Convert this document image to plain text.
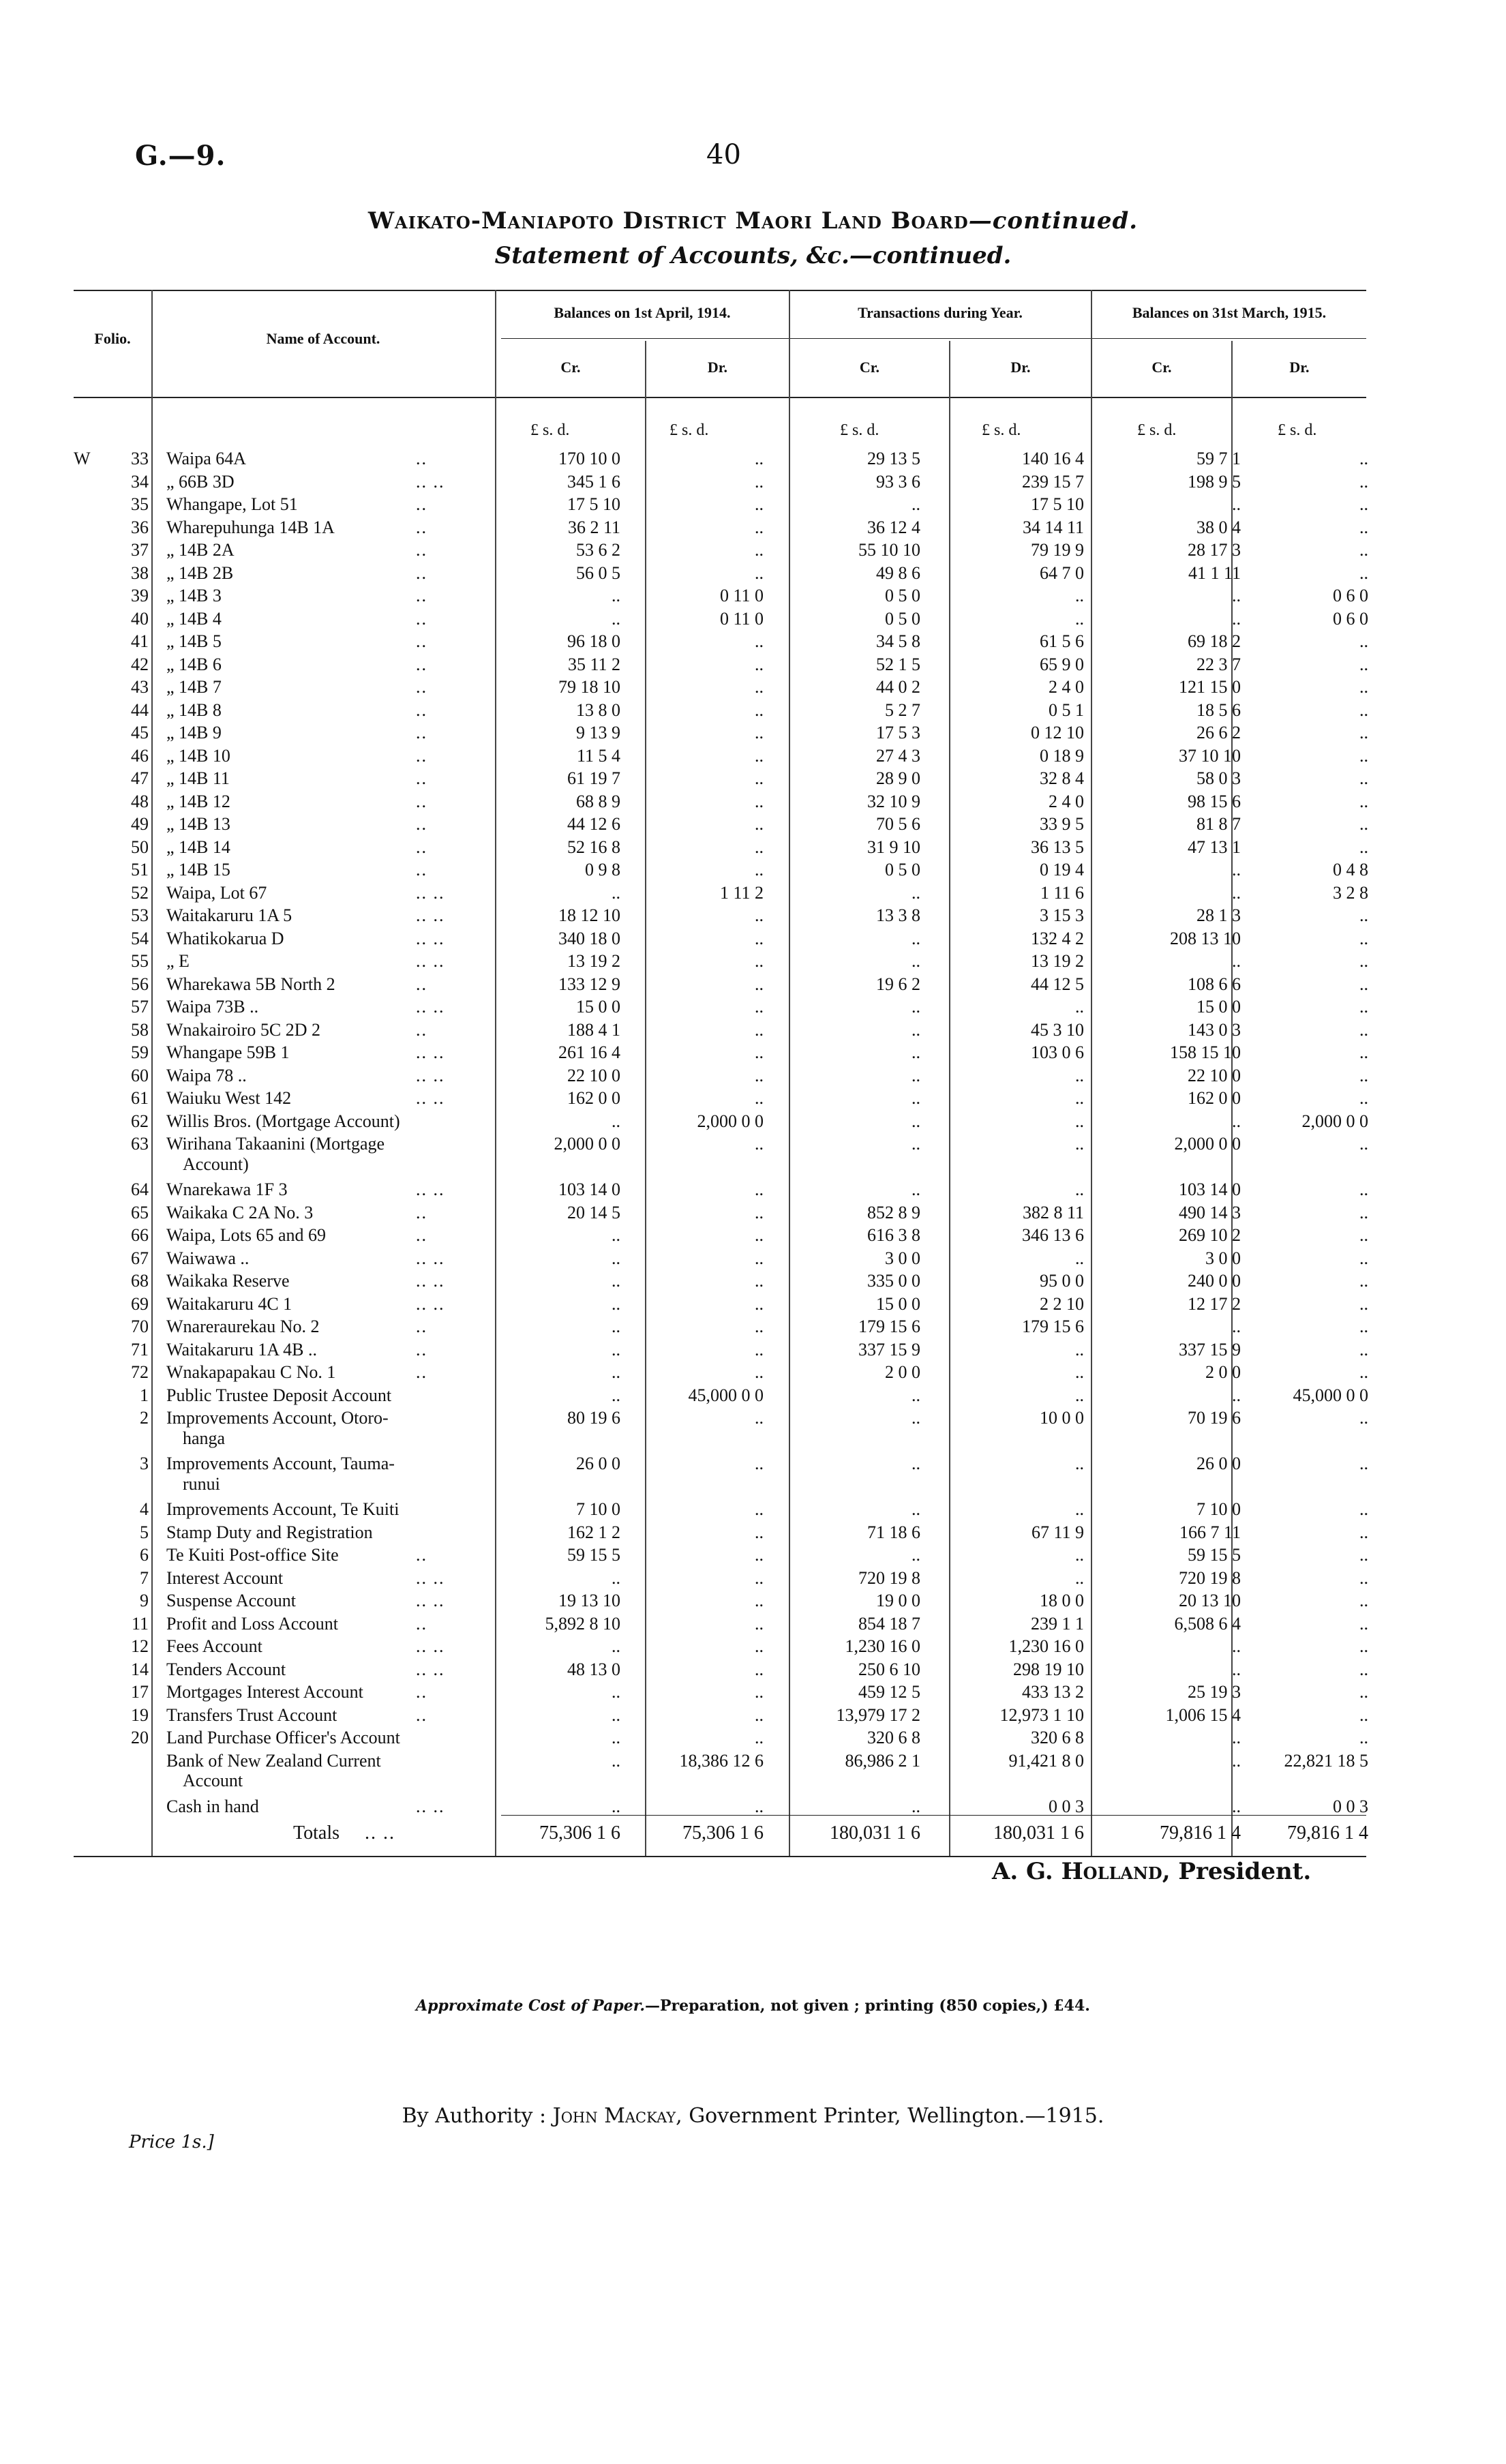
G.—9.	40
Waikato-Maniapoto District Maori Land Board—continued.
Statement of Accounts, &c.—continued.
Folio.	Name of Account.
Balances on 1st April, 1914.	Transactions during Year.	Balances on 31st March, 1915.
Cr.	Dr.	Cr.	Dr.	Cr.	Dr.
£ s. d.	£ s. d.	£ s. d.	£ s. d.	£ s. d.	£ s. d.
W	33 Waipa 64A	..	170 10 0	..	29 13 5	140 16 4	59 7 1	..
34 „ 66B 3D	.. ..	345 1 6	..	93 3 6	239 15 7	198 9 5	..
35 Whangape, Lot 51	..	17 5 10	..	..	17 5 10	..	..
36 Wharepuhunga 14B 1A	..	36 2 11	..	36 12 4	34 14 11	38 0 4	..
37 „ 14B 2A	..	53 6 2	..	55 10 10	79 19 9	28 17 3	..
38 „ 14B 2B	..	56 0 5	..	49 8 6	64 7 0	41 1 11	..
39 „ 14B 3	..	..	0 11 0	0 5 0	..	..	0 6 0
40 „ 14B 4	..	..	0 11 0	0 5 0	..	..	0 6 0
41 „ 14B 5	..	96 18 0	..	34 5 8	61 5 6	69 18 2	..
42 „ 14B 6	..	35 11 2	..	52 1 5	65 9 0	22 3 7	..
43 „ 14B 7	..	79 18 10	..	44 0 2	2 4 0	121 15 0	..
44 „ 14B 8	..	13 8 0	..	5 2 7	0 5 1	18 5 6	..
45 „ 14B 9	..	9 13 9	..	17 5 3	0 12 10	26 6 2	..
46 „ 14B 10	..	11 5 4	..	27 4 3	0 18 9	37 10 10	..
47 „ 14B 11	..	61 19 7	..	28 9 0	32 8 4	58 0 3	..
48 „ 14B 12	..	68 8 9	..	32 10 9	2 4 0	98 15 6	..
49 „ 14B 13	..	44 12 6	..	70 5 6	33 9 5	81 8 7	..
50 „ 14B 14	..	52 16 8	..	31 9 10	36 13 5	47 13 1	..
51 „ 14B 15	..	0 9 8	..	0 5 0	0 19 4	..	0 4 8
52 Waipa, Lot 67	.. ..	..	1 11 2	..	1 11 6	..	3 2 8
53 Waitakaruru 1A 5	.. ..	18 12 10	..	13 3 8	3 15 3	28 1 3	..
54 Whatikokarua D	.. ..	340 18 0	..	..	132 4 2	208 13 10	..
55 „ E	.. ..	13 19 2	..	..	13 19 2	..	..
56 Wharekawa 5B North 2	..	133 12 9	..	19 6 2	44 12 5	108 6 6	..
57 Waipa 73B ..	.. ..	15 0 0	..	..	..	15 0 0	..
58 Wnakairoiro 5C 2D 2	..	188 4 1	..	..	45 3 10	143 0 3	..
59 Whangape 59B 1	.. ..	261 16 4	..	..	103 0 6	158 15 10	..
60 Waipa 78 ..	.. ..	22 10 0	..	..	..	22 10 0	..
61 Waiuku West 142	.. ..	162 0 0	..	..	..	162 0 0	..
62 Willis Bros. (Mortgage Account)	..	2,000 0 0	..	..	..	2,000 0 0
63 Wirihana Takaanini (Mortgage	2,000 0 0	..	..	..	2,000 0 0	..
Account)
64 Wnarekawa 1F 3	.. ..	103 14 0	..	..	..	103 14 0	..
65 Waikaka C 2A No. 3	..	20 14 5	..	852 8 9	382 8 11	490 14 3	..
66 Waipa, Lots 65 and 69	..	..	..	616 3 8	346 13 6	269 10 2	..
67 Waiwawa ..	.. ..	..	..	3 0 0	..	3 0 0	..
68 Waikaka Reserve	.. ..	..	..	335 0 0	95 0 0	240 0 0	..
69 Waitakaruru 4C 1	.. ..	..	..	15 0 0	2 2 10	12 17 2	..
70 Wnareraurekau No. 2	..	..	..	179 15 6	179 15 6	..	..
71 Waitakaruru 1A 4B ..	..	..	..	337 15 9	..	337 15 9	..
72 Wnakapapakau C No. 1	..	..	..	2 0 0	..	2 0 0	..
1 Public Trustee Deposit Account	..	45,000 0 0	..	..	..	45,000 0 0
2 Improvements Account, Otoro-	80 19 6	..	..	10 0 0	70 19 6	..
hanga
3 Improvements Account, Tauma-	26 0 0	..	..	..	26 0 0	..
runui
4 Improvements Account, Te Kuiti	7 10 0	..	..	..	7 10 0	..
5 Stamp Duty and Registration	162 1 2	..	71 18 6	67 11 9	166 7 11	..
6 Te Kuiti Post-office Site	..	59 15 5	..	..	..	59 15 5	..
7 Interest Account	.. ..	..	..	720 19 8	..	720 19 8	..
9 Suspense Account	.. ..	19 13 10	..	19 0 0	18 0 0	20 13 10	..
11 Profit and Loss Account	..	5,892 8 10	..	854 18 7	239 1 1	6,508 6 4	..
12 Fees Account	.. ..	..	..	1,230 16 0	1,230 16 0	..	..
14 Tenders Account	.. ..	48 13 0	..	250 6 10	298 19 10	..	..
17 Mortgages Interest Account	..	..	..	459 12 5	433 13 2	25 19 3	..
19 Transfers Trust Account	..	..	..	13,979 17 2	12,973 1 10	1,006 15 4	..
20 Land Purchase Officer's Account	..	..	320 6 8	320 6 8	..	..
Bank of New Zealand Current	..	18,386 12 6	86,986 2 1	91,421 8 0	..	22,821 18 5
Account
Cash in hand	.. ..	..	..	..	0 0 3	..	0 0 3
Totals .. ..	75,306 1 6	75,306 1 6	180,031 1 6	180,031 1 6	79,816 1 4	79,816 1 4
A. G. Holland, President.
Approximate Cost of Paper.—Preparation, not given ; printing (850 copies,) £44.
By Authority : John Mackay, Government Printer, Wellington.—1915.
Price 1s.]
